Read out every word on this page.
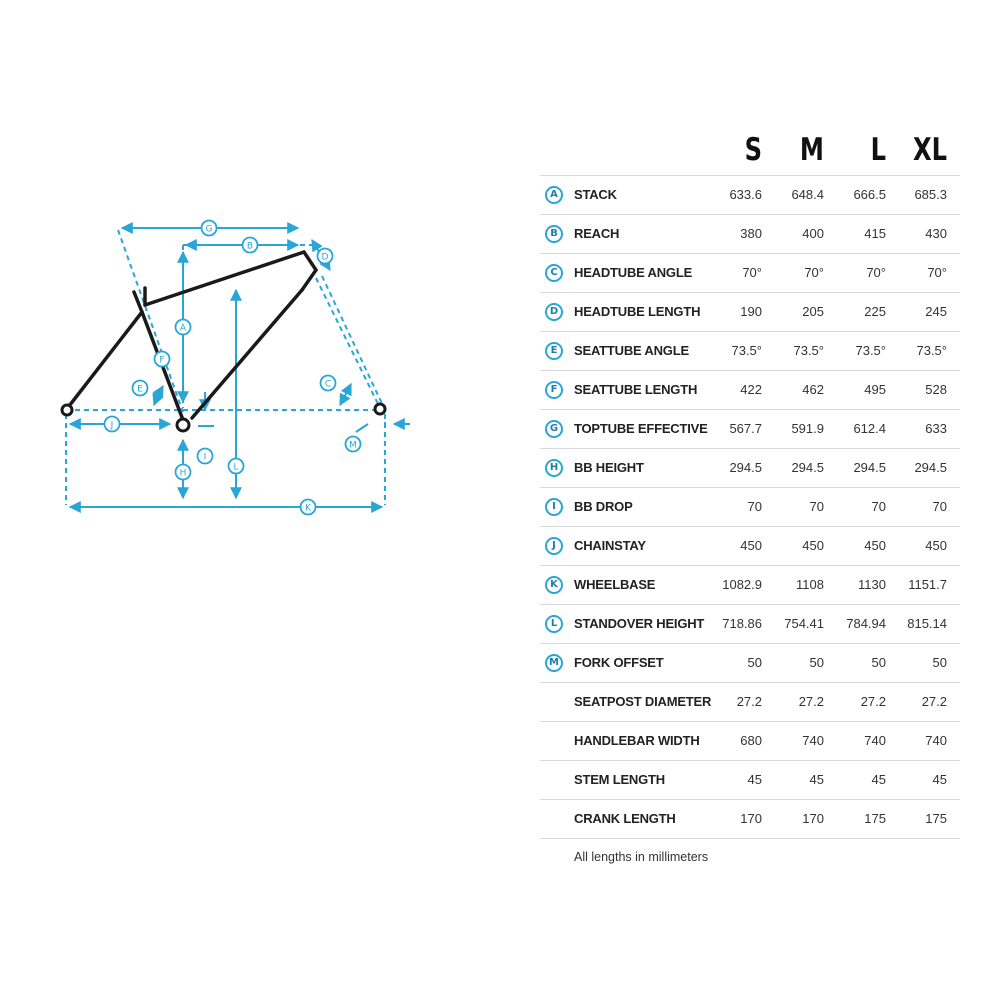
A
B
C
D
E
F
G
H
I
J
K
L
M
S	M	L XL
A	STACK	633.6	648.4	666.5	685.3
B	REACH	380	400	415	430
C	HEADTUBE ANGLE	70°	70°	70°	70°
D	HEADTUBE LENGTH	190	205	225	245
E	SEATTUBE ANGLE	73.5°	73.5°	73.5°	73.5°
F	SEATTUBE LENGTH	422	462	495	528
G	TOPTUBE EFFECTIVE	567.7	591.9	612.4	633
H	BB HEIGHT	294.5	294.5	294.5	294.5
I	BB DROP	70	70	70	70
J	CHAINSTAY	450	450	450	450
K	WHEELBASE	1082.9	1108	1130	1151.7
L	STANDOVER HEIGHT	718.86	754.41	784.94	815.14
M	FORK OFFSET	50	50	50	50
SEATPOST DIAMETER	27.2	27.2	27.2	27.2
HANDLEBAR WIDTH	680	740	740	740
STEM LENGTH	45	45	45	45
CRANK LENGTH	170	170	175	175
All lengths in millimeters
